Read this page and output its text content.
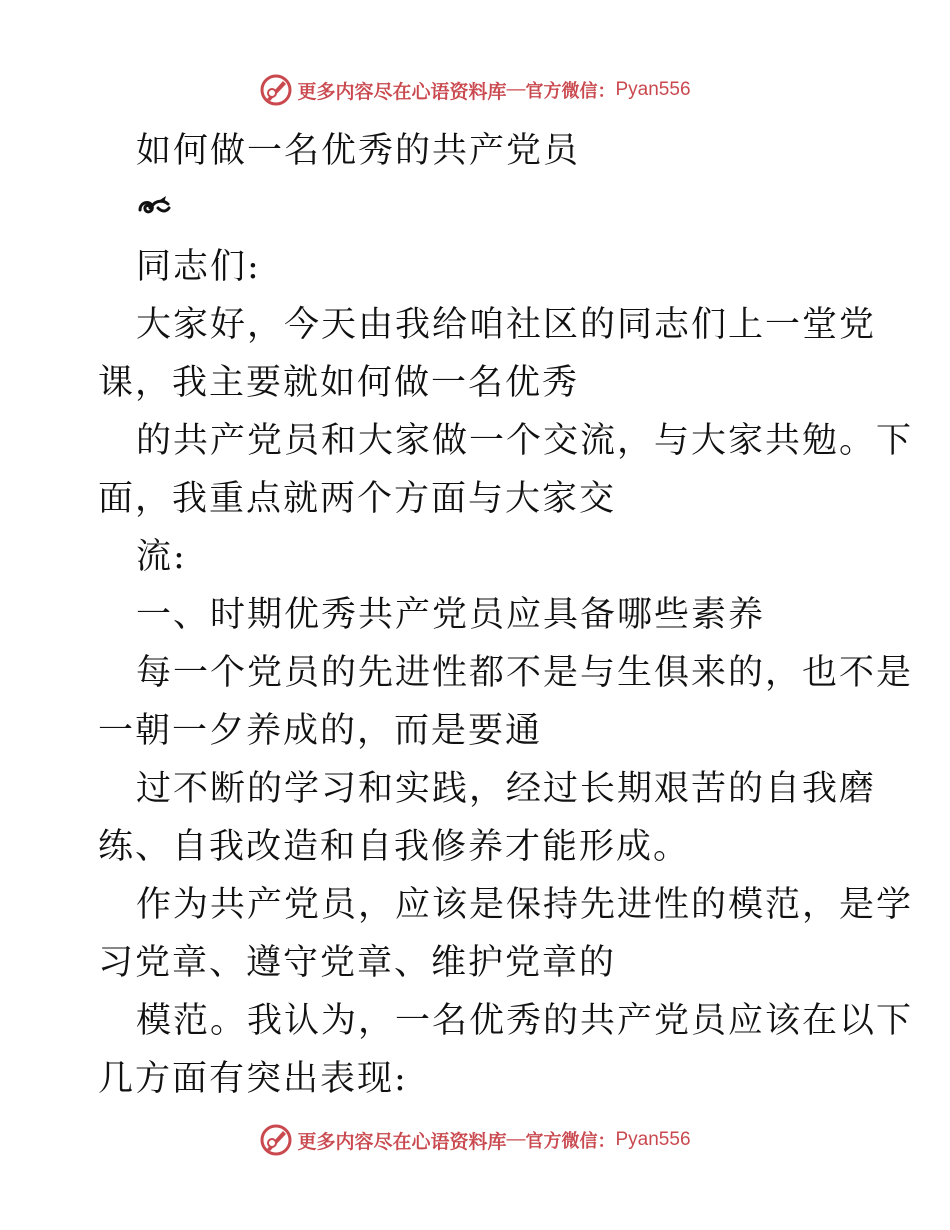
更多内容尽在心语资料库 — 官方微信： Pyan556
如何做一名优秀的共产党员
同志们:
大家好，今天由我给咱社区的同志们上一堂党
课，我主要就如何做一名优秀
的共产党员和大家做一个交流，与大家共勉。下
面，我重点就两个方面与大家交
流:
一、时期优秀共产党员应具备哪些素养
每一个党员的先进性都不是与生俱来的，也不是
一朝一夕养成的，而是要通
过不断的学习和实践，经过长期艰苦的自我磨
练、自我改造和自我修养才能形成。
作为共产党员，应该是保持先进性的模范，是学
习党章、遵守党章、维护党章的
模范。我认为，一名优秀的共产党员应该在以下
几方面有突出表现:
更多内容尽在心语资料库 — 官方微信： Pyan556
